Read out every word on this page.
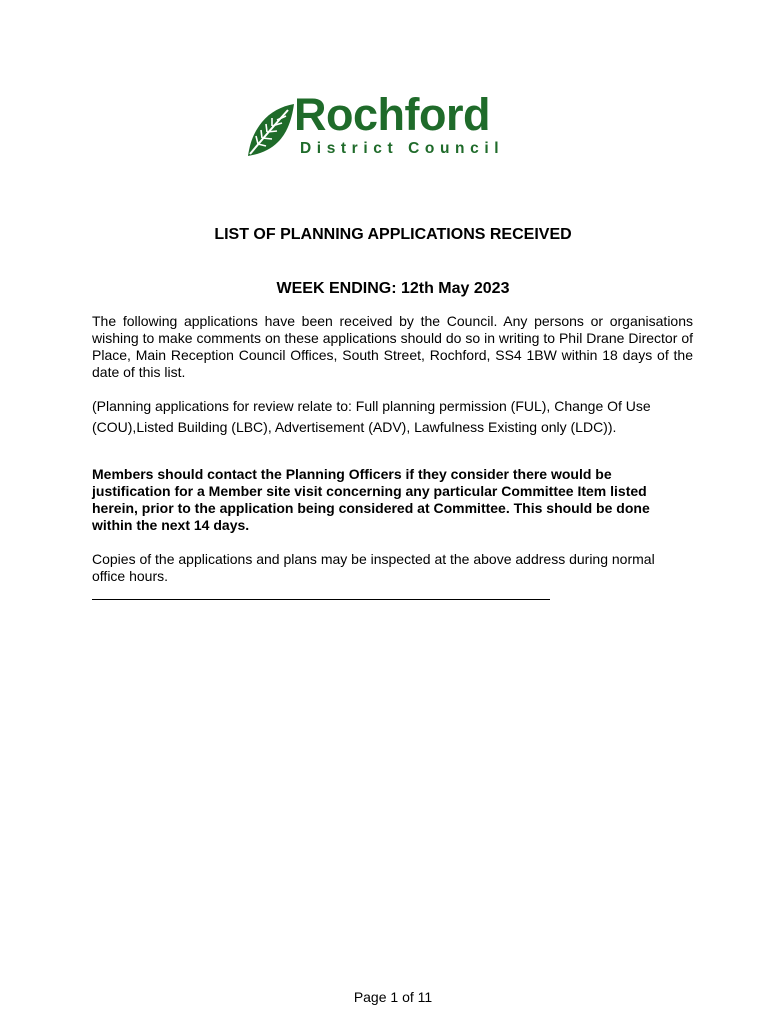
Rochford
District Council
LIST OF PLANNING APPLICATIONS RECEIVED
WEEK ENDING: 12th May 2023

The following applications have been received by the Council. Any persons or organisations wishing to make comments on these applications should do so in writing to Phil Drane Director of Place, Main Reception Council Offices, South Street, Rochford, SS4 1BW within 18 days of the date of this list.

(Planning applications for review relate to: Full planning permission (FUL), Change Of Use (COU),Listed Building (LBC), Advertisement (ADV), Lawfulness Existing only (LDC)).

Members should contact the Planning Officers if they consider there would be justification for a Member site visit concerning any particular Committee Item listed herein, prior to the application being considered at Committee. This should be done within the next 14 days.

Copies of the applications and plans may be inspected at the above address during normal office hours.

Page 1 of 11
